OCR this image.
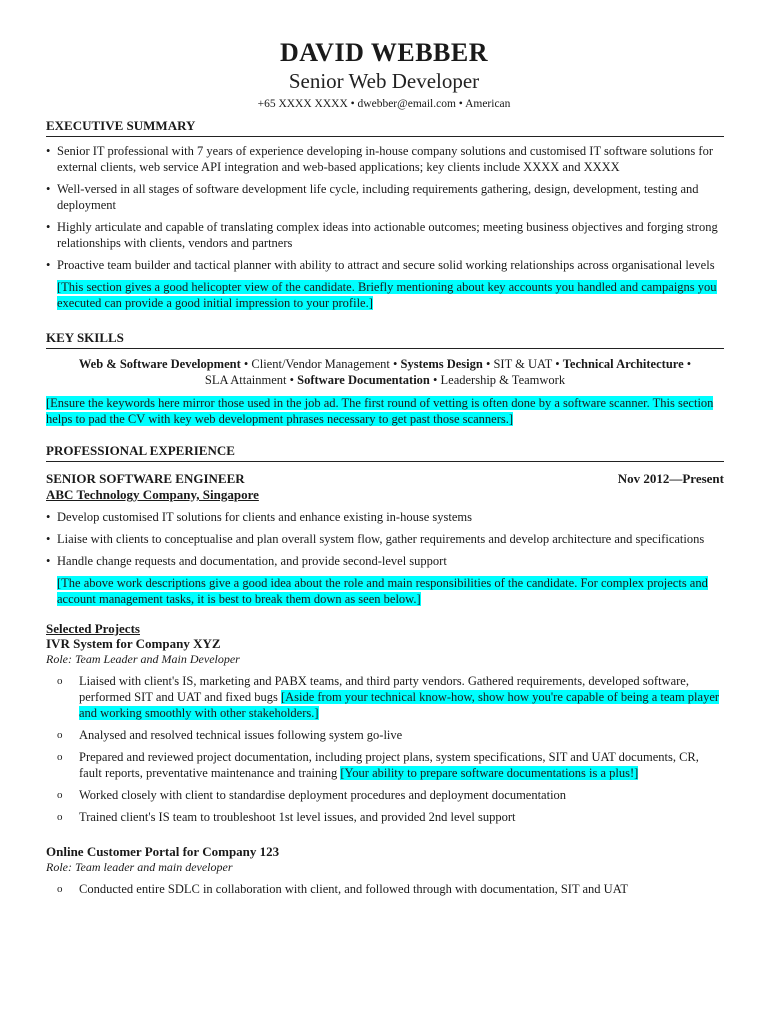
DAVID WEBBER
Senior Web Developer
+65 XXXX XXXX • dwebber@email.com • American
EXECUTIVE SUMMARY
• Senior IT professional with 7 years of experience developing in-house company solutions and customised IT software solutions for external clients, web service API integration and web-based applications; key clients include XXXX and XXXX
• Well-versed in all stages of software development life cycle, including requirements gathering, design, development, testing and deployment
• Highly articulate and capable of translating complex ideas into actionable outcomes; meeting business objectives and forging strong relationships with clients, vendors and partners
• Proactive team builder and tactical planner with ability to attract and secure solid working relationships across organisational levels
[This section gives a good helicopter view of the candidate. Briefly mentioning about key accounts you handled and campaigns you executed can provide a good initial impression to your profile.]
KEY SKILLS
Web & Software Development • Client/Vendor Management • Systems Design • SIT & UAT • Technical Architecture •
SLA Attainment • Software Documentation • Leadership & Teamwork
[Ensure the keywords here mirror those used in the job ad. The first round of vetting is often done by a software scanner. This section helps to pad the CV with key web development phrases necessary to get past those scanners.]
PROFESSIONAL EXPERIENCE
SENIOR SOFTWARE ENGINEER	Nov 2012—Present
ABC Technology Company, Singapore
• Develop customised IT solutions for clients and enhance existing in-house systems
• Liaise with clients to conceptualise and plan overall system flow, gather requirements and develop architecture and specifications
• Handle change requests and documentation, and provide second-level support
[The above work descriptions give a good idea about the role and main responsibilities of the candidate. For complex projects and account management tasks, it is best to break them down as seen below.]
Selected Projects
IVR System for Company XYZ
Role: Team Leader and Main Developer
o Liaised with client's IS, marketing and PABX teams, and third party vendors. Gathered requirements, developed software, performed SIT and UAT and fixed bugs [Aside from your technical know-how, show how you're capable of being a team player and working smoothly with other stakeholders.]
o Analysed and resolved technical issues following system go-live
o Prepared and reviewed project documentation, including project plans, system specifications, SIT and UAT documents, CR, fault reports, preventative maintenance and training [Your ability to prepare software documentations is a plus!]
o Worked closely with client to standardise deployment procedures and deployment documentation
o Trained client's IS team to troubleshoot 1st level issues, and provided 2nd level support
Online Customer Portal for Company 123
Role: Team leader and main developer
o Conducted entire SDLC in collaboration with client, and followed through with documentation, SIT and UAT
